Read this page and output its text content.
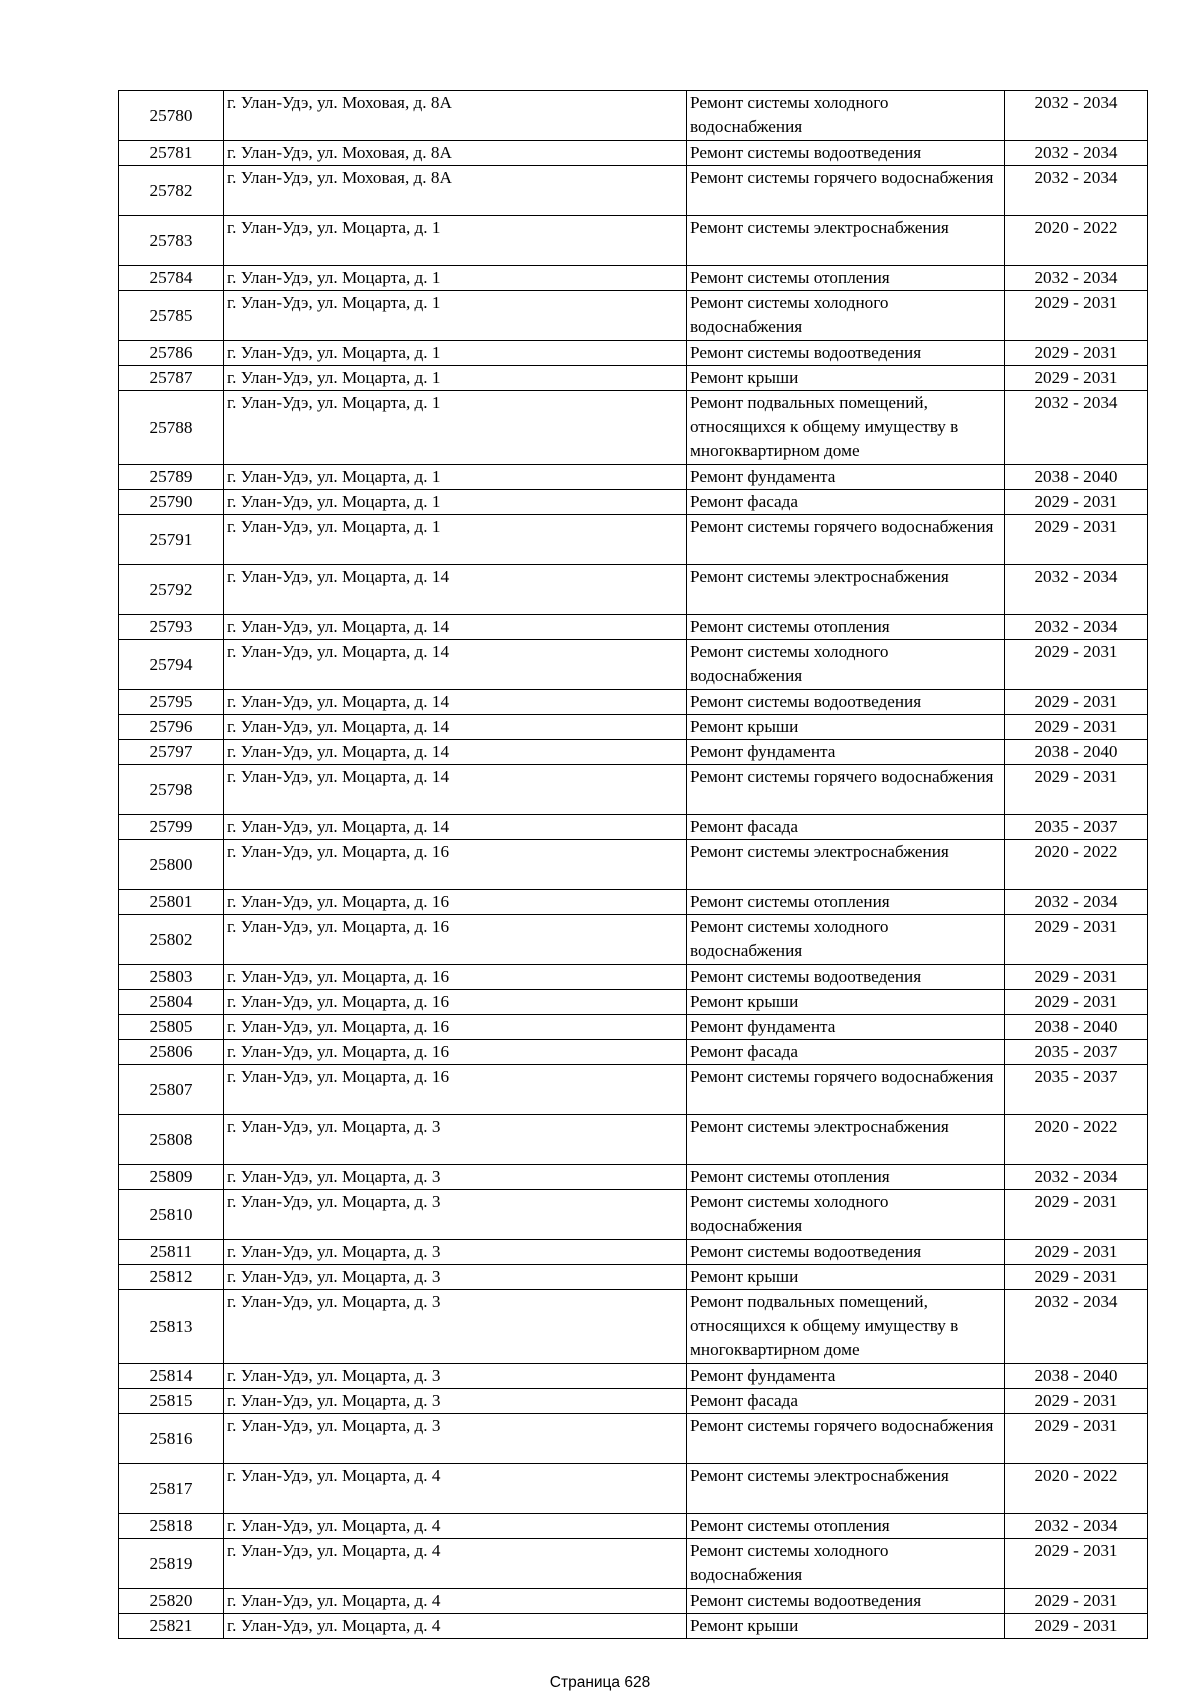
25780	г. Улан-Удэ, ул. Моховая, д. 8А	Ремонт системы холодного водоснабжения	2032 - 2034
25781	г. Улан-Удэ, ул. Моховая, д. 8А	Ремонт системы водоотведения	2032 - 2034
25782	г. Улан-Удэ, ул. Моховая, д. 8А	Ремонт системы горячего водоснабжения	2032 - 2034
25783	г. Улан-Удэ, ул. Моцарта, д. 1	Ремонт системы электроснабжения	2020 - 2022
25784	г. Улан-Удэ, ул. Моцарта, д. 1	Ремонт системы отопления	2032 - 2034
25785	г. Улан-Удэ, ул. Моцарта, д. 1	Ремонт системы холодного водоснабжения	2029 - 2031
25786	г. Улан-Удэ, ул. Моцарта, д. 1	Ремонт системы водоотведения	2029 - 2031
25787	г. Улан-Удэ, ул. Моцарта, д. 1	Ремонт крыши	2029 - 2031
25788	г. Улан-Удэ, ул. Моцарта, д. 1	Ремонт подвальных помещений, относящихся к общему имуществу в многоквартирном доме	2032 - 2034
25789	г. Улан-Удэ, ул. Моцарта, д. 1	Ремонт фундамента	2038 - 2040
25790	г. Улан-Удэ, ул. Моцарта, д. 1	Ремонт фасада	2029 - 2031
25791	г. Улан-Удэ, ул. Моцарта, д. 1	Ремонт системы горячего водоснабжения	2029 - 2031
25792	г. Улан-Удэ, ул. Моцарта, д. 14	Ремонт системы электроснабжения	2032 - 2034
25793	г. Улан-Удэ, ул. Моцарта, д. 14	Ремонт системы отопления	2032 - 2034
25794	г. Улан-Удэ, ул. Моцарта, д. 14	Ремонт системы холодного водоснабжения	2029 - 2031
25795	г. Улан-Удэ, ул. Моцарта, д. 14	Ремонт системы водоотведения	2029 - 2031
25796	г. Улан-Удэ, ул. Моцарта, д. 14	Ремонт крыши	2029 - 2031
25797	г. Улан-Удэ, ул. Моцарта, д. 14	Ремонт фундамента	2038 - 2040
25798	г. Улан-Удэ, ул. Моцарта, д. 14	Ремонт системы горячего водоснабжения	2029 - 2031
25799	г. Улан-Удэ, ул. Моцарта, д. 14	Ремонт фасада	2035 - 2037
25800	г. Улан-Удэ, ул. Моцарта, д. 16	Ремонт системы электроснабжения	2020 - 2022
25801	г. Улан-Удэ, ул. Моцарта, д. 16	Ремонт системы отопления	2032 - 2034
25802	г. Улан-Удэ, ул. Моцарта, д. 16	Ремонт системы холодного водоснабжения	2029 - 2031
25803	г. Улан-Удэ, ул. Моцарта, д. 16	Ремонт системы водоотведения	2029 - 2031
25804	г. Улан-Удэ, ул. Моцарта, д. 16	Ремонт крыши	2029 - 2031
25805	г. Улан-Удэ, ул. Моцарта, д. 16	Ремонт фундамента	2038 - 2040
25806	г. Улан-Удэ, ул. Моцарта, д. 16	Ремонт фасада	2035 - 2037
25807	г. Улан-Удэ, ул. Моцарта, д. 16	Ремонт системы горячего водоснабжения	2035 - 2037
25808	г. Улан-Удэ, ул. Моцарта, д. 3	Ремонт системы электроснабжения	2020 - 2022
25809	г. Улан-Удэ, ул. Моцарта, д. 3	Ремонт системы отопления	2032 - 2034
25810	г. Улан-Удэ, ул. Моцарта, д. 3	Ремонт системы холодного водоснабжения	2029 - 2031
25811	г. Улан-Удэ, ул. Моцарта, д. 3	Ремонт системы водоотведения	2029 - 2031
25812	г. Улан-Удэ, ул. Моцарта, д. 3	Ремонт крыши	2029 - 2031
25813	г. Улан-Удэ, ул. Моцарта, д. 3	Ремонт подвальных помещений, относящихся к общему имуществу в многоквартирном доме	2032 - 2034
25814	г. Улан-Удэ, ул. Моцарта, д. 3	Ремонт фундамента	2038 - 2040
25815	г. Улан-Удэ, ул. Моцарта, д. 3	Ремонт фасада	2029 - 2031
25816	г. Улан-Удэ, ул. Моцарта, д. 3	Ремонт системы горячего водоснабжения	2029 - 2031
25817	г. Улан-Удэ, ул. Моцарта, д. 4	Ремонт системы электроснабжения	2020 - 2022
25818	г. Улан-Удэ, ул. Моцарта, д. 4	Ремонт системы отопления	2032 - 2034
25819	г. Улан-Удэ, ул. Моцарта, д. 4	Ремонт системы холодного водоснабжения	2029 - 2031
25820	г. Улан-Удэ, ул. Моцарта, д. 4	Ремонт системы водоотведения	2029 - 2031
25821	г. Улан-Удэ, ул. Моцарта, д. 4	Ремонт крыши	2029 - 2031
Страница 628
